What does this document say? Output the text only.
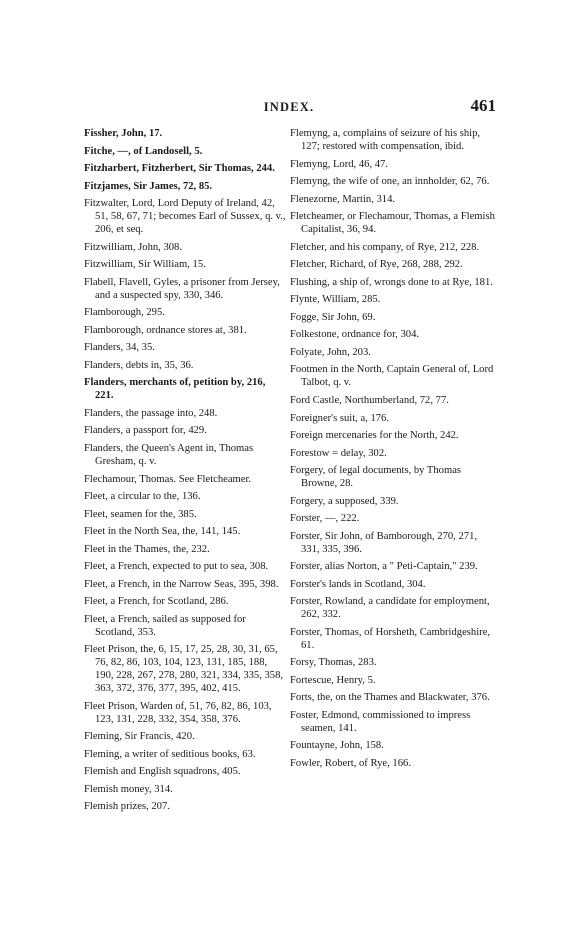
INDEX.	461
Fissher, John, 17.
Fitche, —, of Landosell, 5.
Fitzharbert, Fitzherbert, Sir Thomas, 244.
Fitzjames, Sir James, 72, 85.
Fitzwalter, Lord, Lord Deputy of Ireland, 42, 51, 58, 67, 71; becomes Earl of Sussex, q. v., 206, et seq.
Fitzwilliam, John, 308.
Fitzwilliam, Sir William, 15.
Flabell, Flavell, Gyles, a prisoner from Jersey, and a suspected spy, 330, 346.
Flamborough, 295.
Flamborough, ordnance stores at, 381.
Flanders, 34, 35.
Flanders, debts in, 35, 36.
Flanders, merchants of, petition by, 216, 221.
Flanders, the passage into, 248.
Flanders, a passport for, 429.
Flanders, the Queen's Agent in, Thomas Gresham, q. v.
Flechamour, Thomas. See Fletcheamer.
Fleet, a circular to the, 136.
Fleet, seamen for the, 385.
Fleet in the North Sea, the, 141, 145.
Fleet in the Thames, the, 232.
Fleet, a French, expected to put to sea, 308.
Fleet, a French, in the Narrow Seas, 395, 398.
Fleet, a French, for Scotland, 286.
Fleet, a French, sailed as supposed for Scotland, 353.
Fleet Prison, the, 6, 15, 17, 25, 28, 30, 31, 65, 76, 82, 86, 103, 104, 123, 131, 185, 188, 190, 228, 267, 278, 280, 321, 334, 335, 358, 363, 372, 376, 377, 395, 402, 415.
Fleet Prison, Warden of, 51, 76, 82, 86, 103, 123, 131, 228, 332, 354, 358, 376.
Fleming, Sir Francis, 420.
Fleming, a writer of seditious books, 63.
Flemish and English squadrons, 405.
Flemish money, 314.
Flemish prizes, 207.
Flemyng, a, complains of seizure of his ship, 127; restored with compensation, ibid.
Flemyng, Lord, 46, 47.
Flemyng, the wife of one, an innholder, 62, 76.
Flenezorne, Martin, 314.
Fletcheamer, or Flechamour, Thomas, a Flemish Capitalist, 36, 94.
Fletcher, and his company, of Rye, 212, 228.
Fletcher, Richard, of Rye, 268, 288, 292.
Flushing, a ship of, wrongs done to at Rye, 181.
Flynte, William, 285.
Fogge, Sir John, 69.
Folkestone, ordnance for, 304.
Folyate, John, 203.
Footmen in the North, Captain General of, Lord Talbot, q. v.
Ford Castle, Northumberland, 72, 77.
Foreigner's suit, a, 176.
Foreign mercenaries for the North, 242.
Forestow = delay, 302.
Forgery, of legal documents, by Thomas Browne, 28.
Forgery, a supposed, 339.
Forster, —, 222.
Forster, Sir John, of Bamborough, 270, 271, 331, 335, 396.
Forster, alias Norton, a " Peti-Captain," 239.
Forster's lands in Scotland, 304.
Forster, Rowland, a candidate for employment, 262, 332.
Forster, Thomas, of Horsheth, Cambridgeshire, 61.
Forsy, Thomas, 283.
Fortescue, Henry, 5.
Forts, the, on the Thames and Blackwater, 376.
Foster, Edmond, commissioned to impress seamen, 141.
Fountayne, John, 158.
Fowler, Robert, of Rye, 166.
